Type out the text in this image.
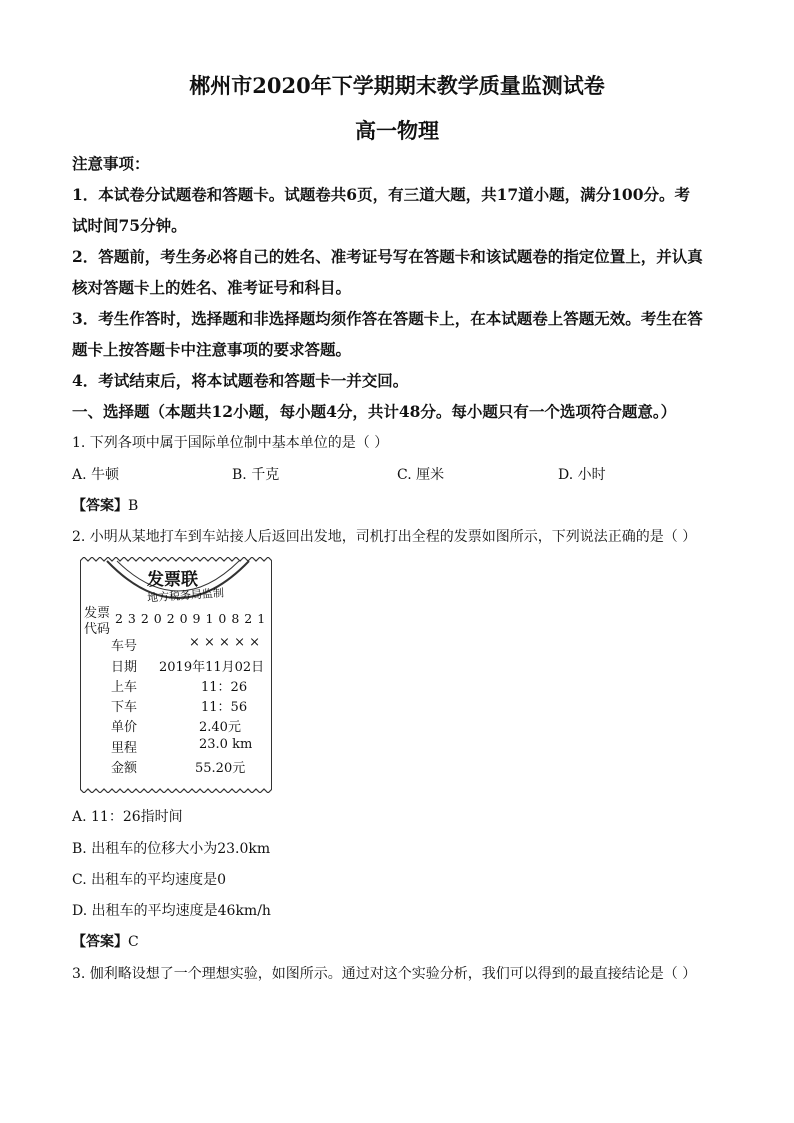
郴州市2020年下学期期末教学质量监测试卷
高一物理
注意事项：
1．本试卷分试题卷和答题卡。试题卷共6页，有三道大题，共17道小题，满分100分。考
试时间75分钟。
2．答题前，考生务必将自己的姓名、准考证号写在答题卡和该试题卷的指定位置上，并认真
核对答题卡上的姓名、准考证号和科目。
3．考生作答时，选择题和非选择题均须作答在答题卡上，在本试题卷上答题无效。考生在答
题卡上按答题卡中注意事项的要求答题。
4．考试结束后，将本试题卷和答题卡一并交回。
一、选择题（本题共12小题，每小题4分，共计48分。每小题只有一个选项符合题意。）
1. 下列各项中属于国际单位制中基本单位的是（ ）
A. 牛顿	B. 千克	C. 厘米	D. 小时
【答案】B
2. 小明从某地打车到车站接人后返回出发地，司机打出全程的发票如图所示，下列说法正确的是（ ）
发票联
地方税务局监制
发票
代码
2 3 2 0 2 0 9 1 0 8 2 1
车号	× × × × ×
日期 2019年11月02日
上车	11：26
下车	11：56
单价	2.40元
里程	23.0 km
金额	55.20元
A. 11：26指时间
B. 出租车的位移大小为23.0km
C. 出租车的平均速度是0
D. 出租车的平均速度是46km/h
【答案】C
3. 伽利略设想了一个理想实验，如图所示。通过对这个实验分析，我们可以得到的最直接结论是（ ）
